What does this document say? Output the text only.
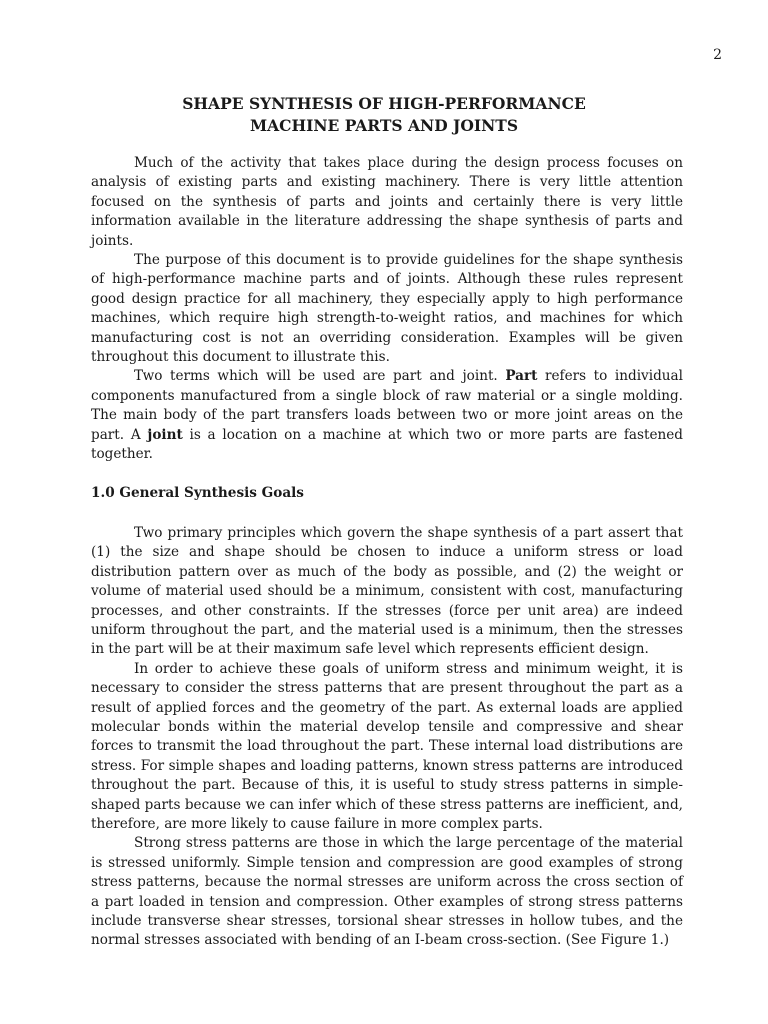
2
SHAPE SYNTHESIS OF HIGH-PERFORMANCE
MACHINE PARTS AND JOINTS

Much of the activity that takes place during the design process focuses on analysis of existing parts and existing machinery. There is very little attention focused on the synthesis of parts and joints and certainly there is very little information available in the literature addressing the shape synthesis of parts and joints.

The purpose of this document is to provide guidelines for the shape synthesis of high-performance machine parts and of joints. Although these rules represent good design practice for all machinery, they especially apply to high performance machines, which require high strength-to-weight ratios, and machines for which manufacturing cost is not an overriding consideration. Examples will be given throughout this document to illustrate this.

Two terms which will be used are part and joint. Part refers to individual components manufactured from a single block of raw material or a single molding. The main body of the part transfers loads between two or more joint areas on the part. A joint is a location on a machine at which two or more parts are fastened together.

1.0 General Synthesis Goals

Two primary principles which govern the shape synthesis of a part assert that (1) the size and shape should be chosen to induce a uniform stress or load distribution pattern over as much of the body as possible, and (2) the weight or volume of material used should be a minimum, consistent with cost, manufacturing processes, and other constraints. If the stresses (force per unit area) are indeed uniform throughout the part, and the material used is a minimum, then the stresses in the part will be at their maximum safe level which represents efficient design.

In order to achieve these goals of uniform stress and minimum weight, it is necessary to consider the stress patterns that are present throughout the part as a result of applied forces and the geometry of the part. As external loads are applied molecular bonds within the material develop tensile and compressive and shear forces to transmit the load throughout the part. These internal load distributions are stress. For simple shapes and loading patterns, known stress patterns are introduced throughout the part. Because of this, it is useful to study stress patterns in simple-shaped parts because we can infer which of these stress patterns are inefficient, and, therefore, are more likely to cause failure in more complex parts.

Strong stress patterns are those in which the large percentage of the material is stressed uniformly. Simple tension and compression are good examples of strong stress patterns, because the normal stresses are uniform across the cross section of a part loaded in tension and compression. Other examples of strong stress patterns include transverse shear stresses, torsional shear stresses in hollow tubes, and the normal stresses associated with bending of an I-beam cross-section. (See Figure 1.)
